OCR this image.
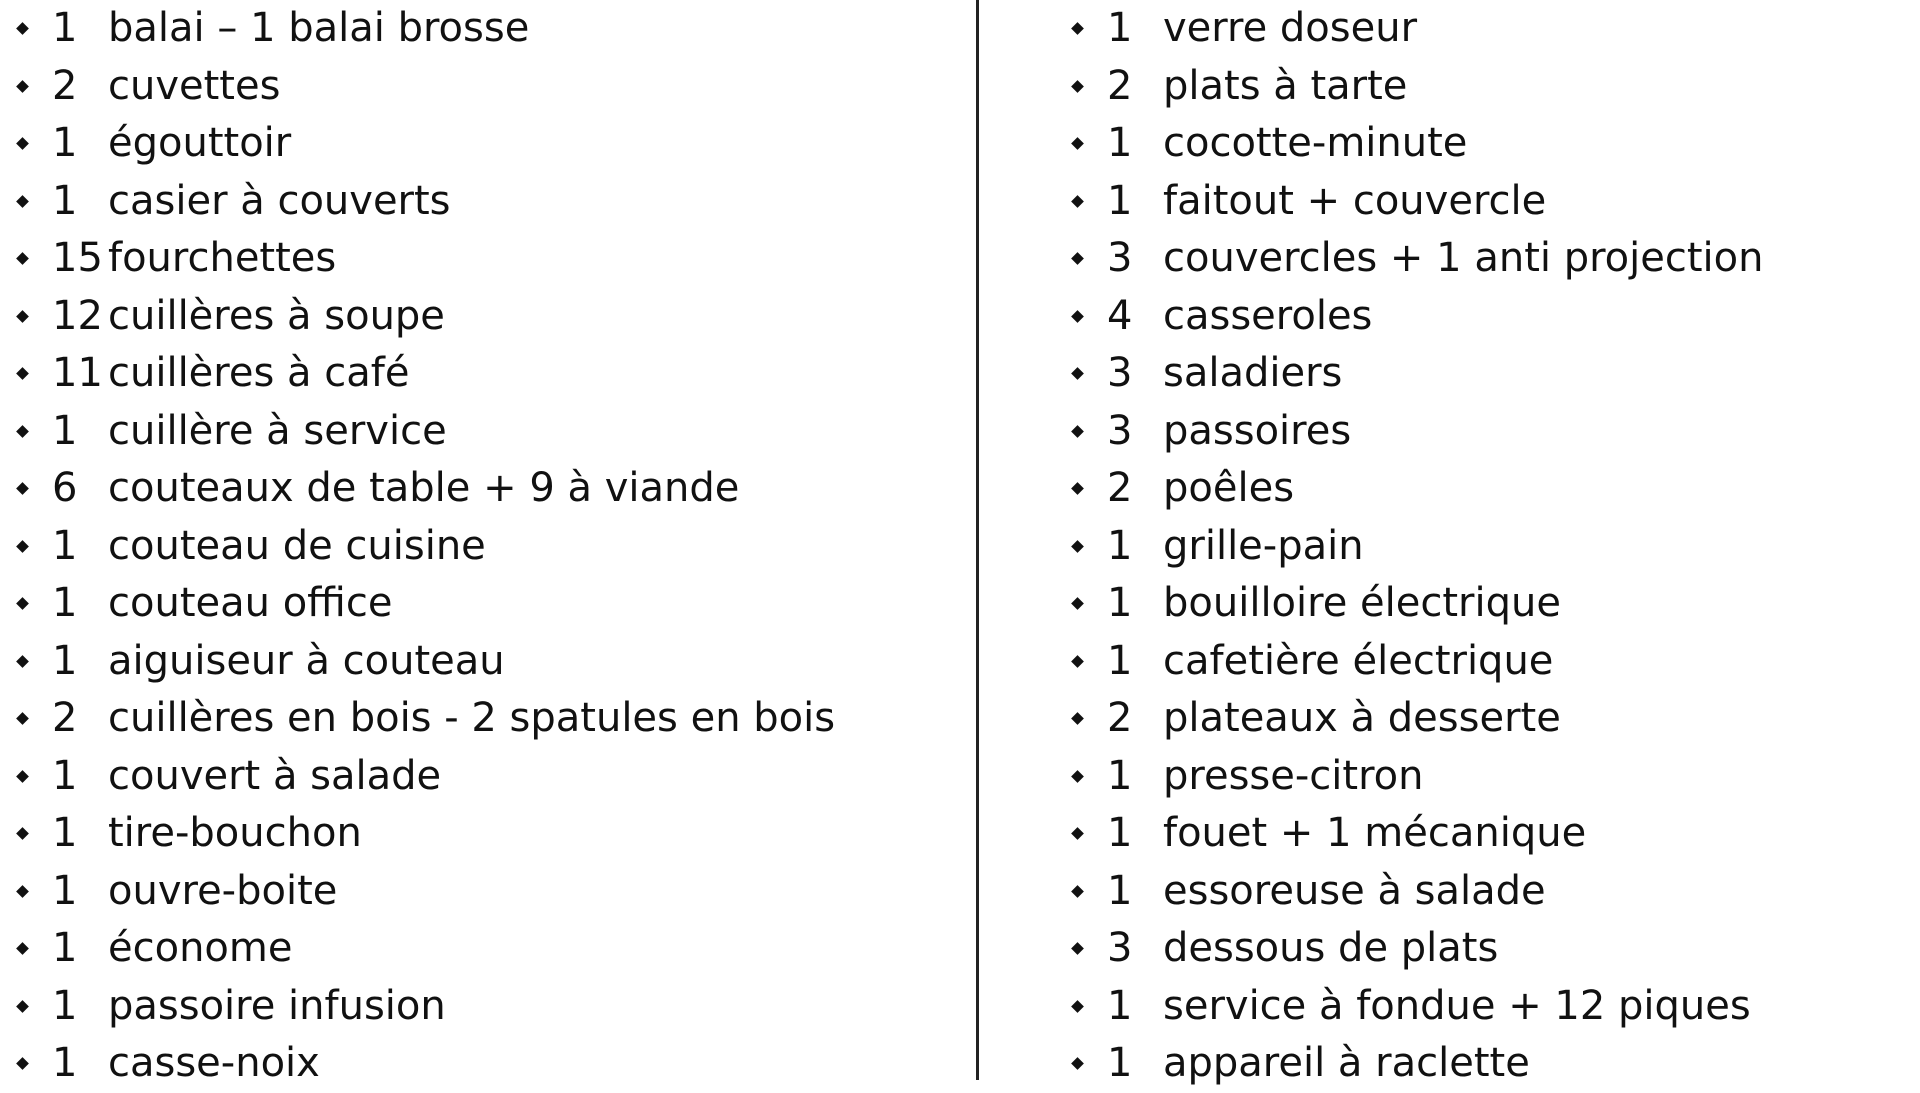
1 balai – 1 balai brosse
2 cuvettes
1 égouttoir
1 casier à couverts
15 fourchettes
12 cuillères à soupe
11 cuillères à café
1 cuillère à service
6 couteaux de table + 9 à viande
1 couteau de cuisine
1 couteau office
1 aiguiseur à couteau
2 cuillères en bois - 2 spatules en bois
1 couvert à salade
1 tire-bouchon
1 ouvre-boite
1 économe
1 passoire infusion
1 casse-noix
1 verre doseur
2 plats à tarte
1 cocotte-minute
1 faitout + couvercle
3 couvercles + 1 anti projection
4 casseroles
3 saladiers
3 passoires
2 poêles
1 grille-pain
1 bouilloire électrique
1 cafetière électrique
2 plateaux à desserte
1 presse-citron
1 fouet + 1 mécanique
1 essoreuse à salade
3 dessous de plats
1 service à fondue + 12 piques
1 appareil à raclette
